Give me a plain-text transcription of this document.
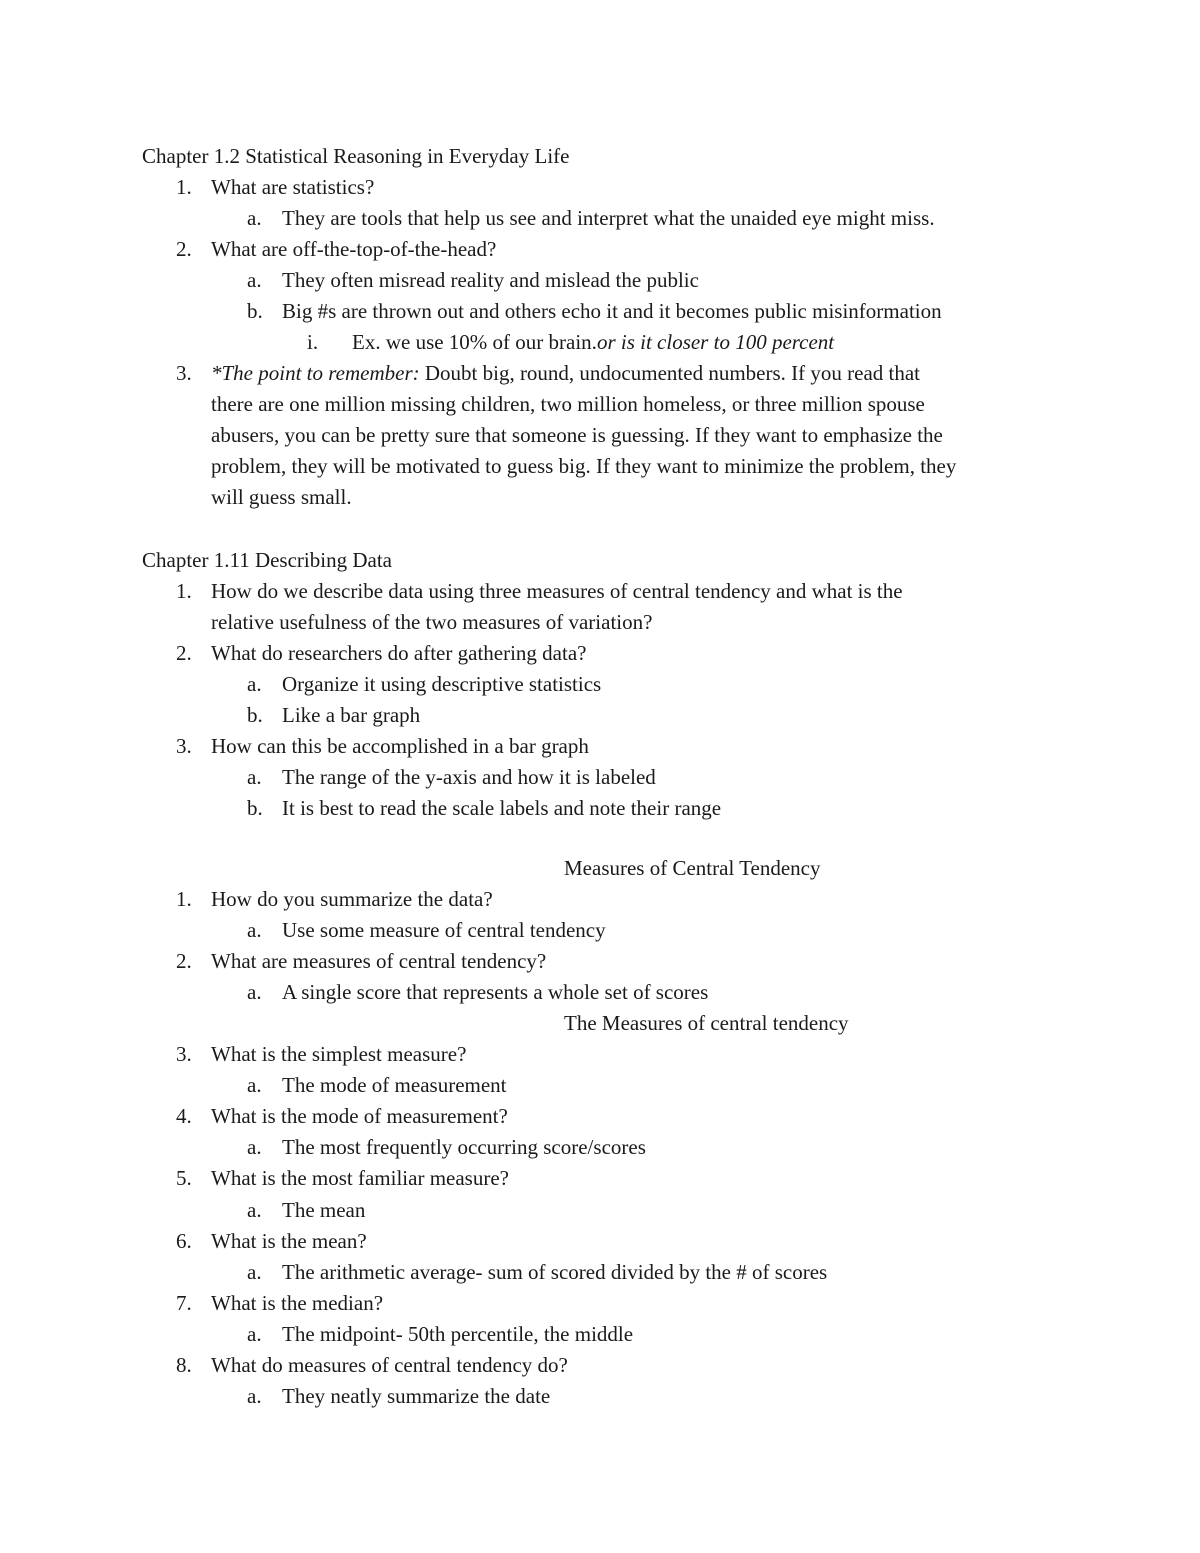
Chapter 1.2 Statistical Reasoning in Everyday Life
1. What are statistics?
a. They are tools that help us see and interpret what the unaided eye might miss.
2. What are off-the-top-of-the-head?
a. They often misread reality and mislead the public
b. Big #s are thrown out and others echo it and it becomes public misinformation
i. Ex. we use 10% of our brain.or is it closer to 100 percent
3. *The point to remember: Doubt big, round, undocumented numbers. If you read that
there are one million missing children, two million homeless, or three million spouse
abusers, you can be pretty sure that someone is guessing. If they want to emphasize the
problem, they will be motivated to guess big. If they want to minimize the problem, they
will guess small.
Chapter 1.11 Describing Data
1. How do we describe data using three measures of central tendency and what is the
relative usefulness of the two measures of variation?
2. What do researchers do after gathering data?
a. Organize it using descriptive statistics
b. Like a bar graph
3. How can this be accomplished in a bar graph
a. The range of the y-axis and how it is labeled
b. It is best to read the scale labels and note their range
Measures of Central Tendency
1. How do you summarize the data?
a. Use some measure of central tendency
2. What are measures of central tendency?
a. A single score that represents a whole set of scores
The Measures of central tendency
3. What is the simplest measure?
a. The mode of measurement
4. What is the mode of measurement?
a. The most frequently occurring score/scores
5. What is the most familiar measure?
a. The mean
6. What is the mean?
a. The arithmetic average- sum of scored divided by the # of scores
7. What is the median?
a. The midpoint- 50th percentile, the middle
8. What do measures of central tendency do?
a. They neatly summarize the date
